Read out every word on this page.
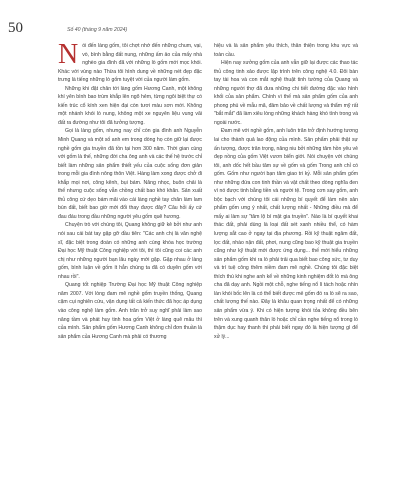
50	Số 40 (tháng 9 năm 2024)

Nói đến làng gốm, tôi chợt nhớ đến những chum, vại, vò, bình bằng đất nung, những ấm ảo của mấy nhà nghèo gia đình đã với những lò gốm mới mọc khói. Khác với vùng nào Thừa tôi hình dung về những nét đẹp đặc trưng là tiếng những lò gốm tuyệt vời của người làm gốm.

Những khi đặt chân tới làng gốm Hương Canh, một không khí yên bình bao trùm khắp lên ngõ hẻm, từng ngôi biệt thự có kiến trúc cổ kính xen hiện đại còn tươi màu sơn mới. Không một nhánh khói lò nung, không một xe nguyên liệu vung vãi đất ra đường như tôi đã tưởng tượng.

Gọi là làng gốm, nhưng nay chỉ còn gia đình anh Nguyễn Minh Quang và một số anh em trong dòng họ còn giữ lại được nghề gốm gia truyền đã tồn tại hơn 300 năm. Thời gian cùng với gốm là thế, những đời cha ông anh và các thế hệ trước chỉ biết làm những sản phẩm thiết yếu của cuộc sống đơn giản trong mỗi gia đình nông thôn Việt. Hàng làm xong được chở đi khắp mọi nơi, công kênh, bụi bám. Năng nhọc, buôn chải là thế nhưng cuộc sống vẫn chồng chất bao khó khăn. Sản xuất thủ công cứ dẹo bám mãi vào cái làng nghề tay chân làm lam bùn đất, biết bao giờ mới đổi thay được đây? Câu hỏi ấy cứ đau đáu trong đầu những người yêu gốm quê hương.

Chuyện trò với chúng tôi, Quang không giữ kẻ bởi như anh nói sau cái bát tay gặp gỡ đầu tiên: "Các anh chị là văn nghệ sĩ, đặc biệt trong đoàn có những anh cùng khóa học trường Đại học Mỹ thuật Công nghiệp với tôi, thì tôi cũng coi các anh chị như những người bạn lâu ngày mới gặp. Gặp nhau ở làng gốm, bình luận về gốm ít hẳn chúng ta đã có duyên gốm với nhau rồi".

Quang tốt nghiệp Trường Đại học Mỹ thuật Công nghiệp năm 2007. Với lòng đam mê nghề gốm truyền thống, Quang cặm cụi nghiên cứu, vận dụng tất cả kiến thức đã học áp dụng vào công nghệ làm gốm. Anh trăn trở suy nghĩ phải làm sao nâng tầm và phát huy tinh hoa gốm Việt ở làng quê mâu thì của mình. Sản phẩm gốm Hương Canh không chỉ đơn thuần là sản phẩm của Hương Canh mà phải có thương

hiệu và là sản phẩm yêu thích, thân thiện trong khu vực và toàn cầu.

Hiện nay xưởng gốm của anh vẫn giữ lại được các thao tác thủ công tinh xảo được lập trình trên công nghệ 4.0. Đôi bàn tay tài hoa và con mắt nghệ thuật tinh tường của Quang và những người thợ đã đưa những chi tiết đường đặc vào hình khối của sản phẩm. Chính vì thế mà sản phẩm gốm của anh phong phú về mẫu mã, đảm bảo về chất lượng và thẩm mỹ rất "bắt mắt" đã làm xiêu lòng những khách hàng khó tính trong và ngoài nước.

Đam mê với nghề gốm, anh luôn trăn trở định hướng tương lai cho thành quả lao động của mình. Sản phẩm phải thật sự ấn tượng, được trân trọng, nâng niu bởi những tâm hồn yêu vẻ đẹp nồng của gốm Việt vươn biển giới. Nói chuyện với chúng tôi, anh dốc hết bầu tâm sự về gốm và gốm Trong anh chỉ có gốm. Gốm như người bạn tâm giao tri kỷ. Mỗi sản phẩm gốm như những đứa con tinh thần và vật chất theo dòng nghĩa đen vì nó được tinh bằng tiền và người tệ. Trong cơn say gốm, anh bộc bạch với chúng tôi cái những bí quyết để làm nên sản phẩm gốm ưng ý nhất, chất lượng nhất - Những điều mà để mấy ai làm sự "tâm lộ bí mật gia truyền". Nào là bí quyết khai thác đất, phải dùng là loại đất sét xanh nhiều thể, có hàm lượng sắt cao ở ngay tại địa phương. Rồi kỹ thuật ngâm đất, lọc đất, nhào nặn đất, phơi, nung cũng bao kỹ thuật gia truyền cũng như kỹ thuật mới được ứng dụng... thế mới hiểu những sản phẩm gốm khi ra lò phải trải qua biết bao công sức, tư duy và trí tuệ công thêm niềm đam mê nghề. Chúng tôi đặc biệt thích thú khi nghe anh kể về những kinh nghiệm đốt lò mà ông cha đã dạy anh. Ngồi một chỗ, nghe tiếng nổ lì tách hoặc nhìn làn khói bốc lên là có thể biết được mẻ gốm đó ra lò sẽ ra sao, chất lượng thế nào. Đây là khâu quan trọng nhất để có những sản phẩm vừa ý. Khi có hiện tượng khói tỏa không đều bên trên và xung quanh thân lò hoặc chỉ cần nghe tiếng nổ trong lò thậm dục hay thanh thì phải biết ngay đó là hiện tượng gì để xử lý...
